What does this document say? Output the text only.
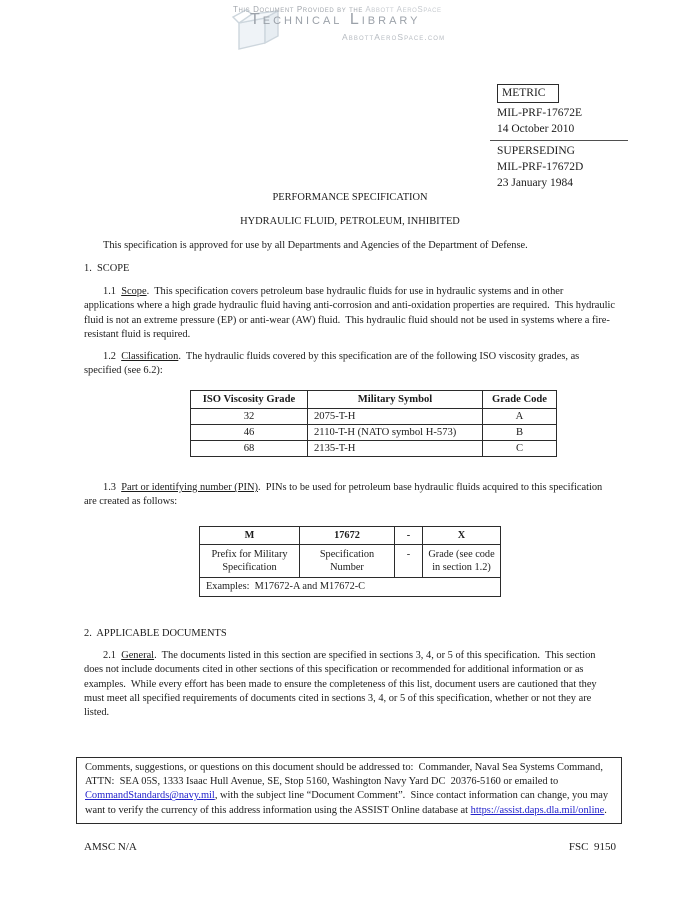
This Document Provided by the Abbott AeroSpace
Technical Library
AbbottAeroSpace.com
METRIC
MIL-PRF-17672E
14 October 2010
SUPERSEDING
MIL-PRF-17672D
23 January 1984
PERFORMANCE SPECIFICATION
HYDRAULIC FLUID, PETROLEUM, INHIBITED

This specification is approved for use by all Departments and Agencies of the Department of Defense.

1.  SCOPE

1.1  Scope.  This specification covers petroleum base hydraulic fluids for use in hydraulic systems and in other applications where a high grade hydraulic fluid having anti-corrosion and anti-oxidation properties are required.  This hydraulic fluid is not an extreme pressure (EP) or anti-wear (AW) fluid.  This hydraulic fluid should not be used in systems where a fire-resistant fluid is required.

1.2  Classification.  The hydraulic fluids covered by this specification are of the following ISO viscosity grades, as specified (see 6.2):

ISO Viscosity Grade	Military Symbol	Grade Code
32	2075-T-H	A
46	2110-T-H (NATO symbol H-573)	B
68	2135-T-H	C

1.3  Part or identifying number (PIN).  PINs to be used for petroleum base hydraulic fluids acquired to this specification are created as follows:

M	17672	-	X
Prefix for Military Specification	Specification Number	-	Grade (see code in section 1.2)
Examples:  M17672-A and M17672-C			
2.  APPLICABLE DOCUMENTS

2.1  General.  The documents listed in this section are specified in sections 3, 4, or 5 of this specification.  This section does not include documents cited in other sections of this specification or recommended for additional information or as examples.  While every effort has been made to ensure the completeness of this list, document users are cautioned that they must meet all specified requirements of documents cited in sections 3, 4, or 5 of this specification, whether or not they are listed.

Comments, suggestions, or questions on this document should be addressed to:  Commander, Naval Sea Systems Command, ATTN:  SEA 05S, 1333 Isaac Hull Avenue, SE, Stop 5160, Washington Navy Yard DC  20376-5160 or emailed to CommandStandards@navy.mil, with the subject line “Document Comment”.  Since contact information can change, you may want to verify the currency of this address information using the ASSIST Online database at https://assist.daps.dla.mil/online.
AMSC N/A	FSC  9150
